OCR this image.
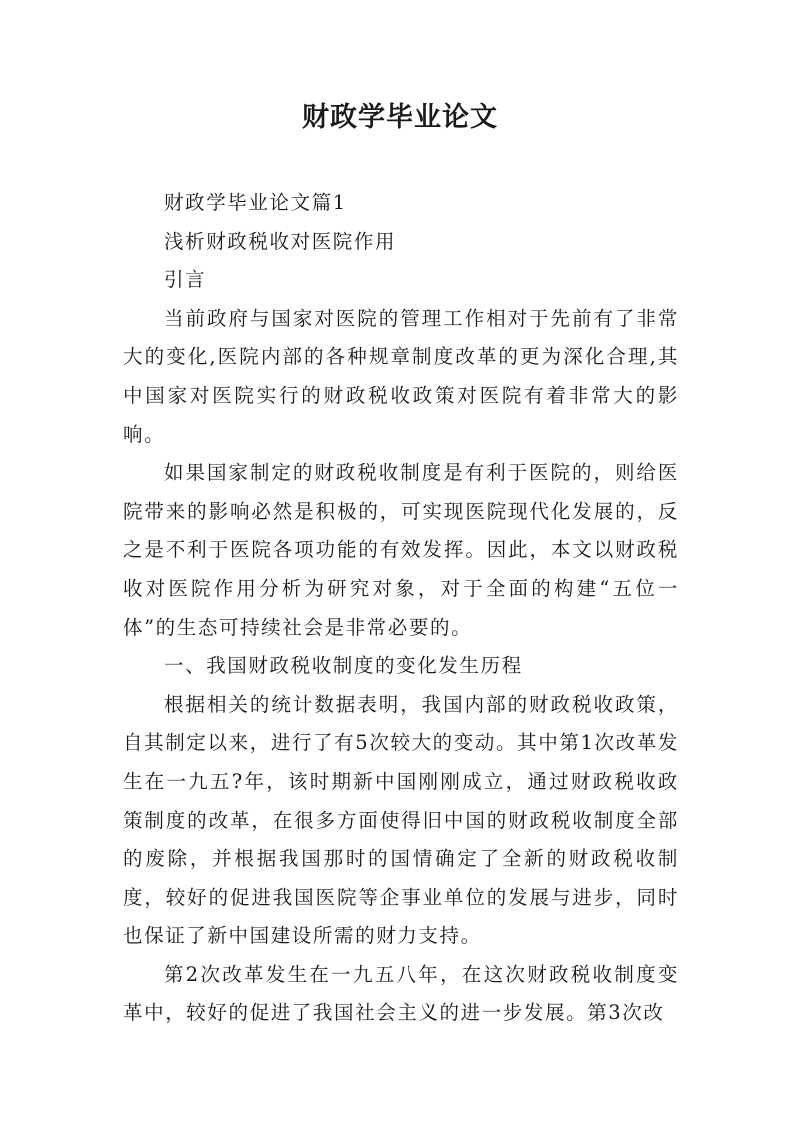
财政学毕业论文

财政学毕业论文篇1

浅析财政税收对医院作用

引言

当前政府与国家对医院的管理工作相对于先前有了非常大的变化,医院内部的各种规章制度改革的更为深化合理,其中国家对医院实行的财政税收政策对医院有着非常大的影响。

如果国家制定的财政税收制度是有利于医院的，则给医院带来的影响必然是积极的，可实现医院现代化发展的，反之是不利于医院各项功能的有效发挥。因此，本文以财政税收对医院作用分析为研究对象，对于全面的构建“五位一体”的生态可持续社会是非常必要的。

一、我国财政税收制度的变化发生历程

根据相关的统计数据表明，我国内部的财政税收政策，自其制定以来，进行了有5次较大的变动。其中第1次改革发生在一九五?年，该时期新中国刚刚成立，通过财政税收政策制度的改革，在很多方面使得旧中国的财政税收制度全部的废除，并根据我国那时的国情确定了全新的财政税收制度，较好的促进我国医院等企事业单位的发展与进步，同时也保证了新中国建设所需的财力支持。

第2次改革发生在一九五八年，在这次财政税收制度变革中，较好的促进了我国社会主义的进一步发展。第3次改
